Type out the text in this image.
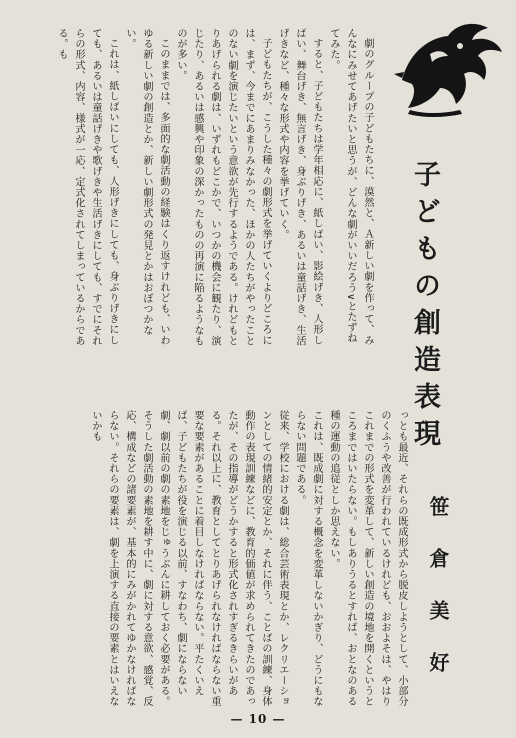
子どもの創造表現
笹倉美好

劇のグループの子どもたちに、漠然と、Ａ新しい劇を作って、みんなにみせてあげたいと思うが、どんな劇がいいだろう∨とたずねてみた。

すると、子どもたちは学年相応に、紙しばい、影絵げき、人形しばい、舞台げき、無言げき、身ぶりげき、あるいは童話げき、生活げきなど、種々な形式や内容を挙げていく。

子どもたちが、こうした種々の劇形式を挙げていくよりどころには、まず、今までにあまりみなかった、ほかの人たちがやったことのない劇を演じたいという意欲が先行するようである。けれどもとりあげられる劇は、いずれもどこかで、いつかの機会に観たり、演じたり、あるいは感興や印象の深かったものの再演に陥るようなものが多い。

このままでは、多面的な劇活動の経験はくり返すけれども、いわゆる新しい劇の創造とか、新しい劇形式の発見とかはおぼつかない。

これは、紙しばいにしても、人形げきにしても、身ぶりげきにしても、あるいは童話げきや歌げきや生活げきにしても、すでにそれらの形式、内容、様式が一応、定式化されてしまっているからである。も

っとも最近、それらの既成形式から脱皮しようとして、小部分のくふうや改善が行われているけれども、おおよそは、やはりこれまでの形式を変革して、新しい創造の境地を開くというところまではいたらない。もしありうるとすれば、おとなのある種の運動の追従としか思えない。

これは、既成劇に対する概念を変革しないかぎり、どうにもならない問題である。

従来、学校における劇は、総合芸術表現とか、レクリエーションとしての情緒的安定とか、それに伴う、ことばの訓練、身体動作の表現訓練などに、教育的価値が求められてきたのであったが、その指導がどうかすると形式化されすぎるきらいがある。それ以上に、教育としてとりあげられなければならない重要な要素があることに着目しなければならない。平たくいえば、子どもたちが役を演じる以前、すなわち、劇にならない劇、劇以前の劇の素地をじゅうぶんに耕しておく必要がある。そうした劇活動の素地を耕す中に、劇に対する意欲、感覚、反応、構成などの諸要素が、基本的にみがかれてゆかなければならない。それらの要素は、劇を上演する直接の要素とはいえないかも

— 10 —
